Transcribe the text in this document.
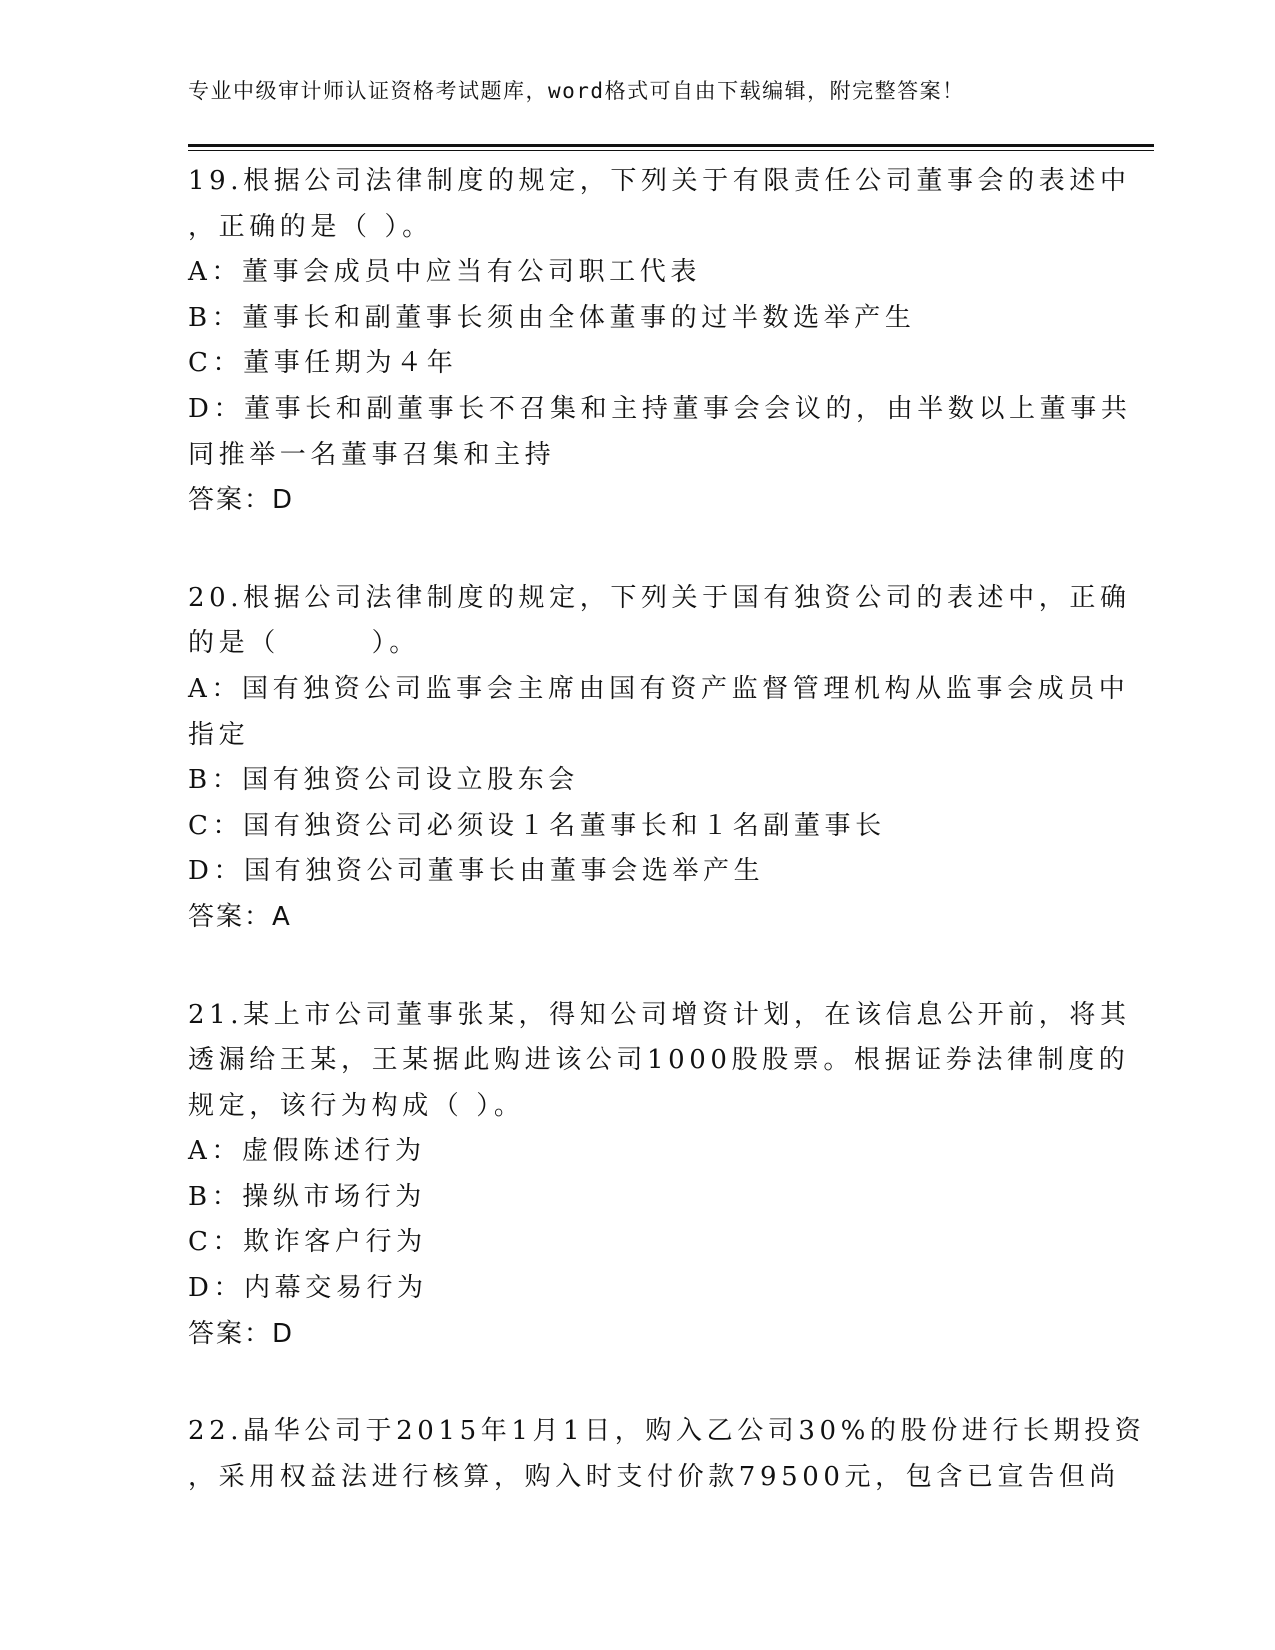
专业中级审计师认证资格考试题库，word格式可自由下载编辑，附完整答案！
19.根据公司法律制度的规定，下列关于有限责任公司董事会的表述中
，正确的是（ ）。
A：董事会成员中应当有公司职工代表
B：董事长和副董事长须由全体董事的过半数选举产生
C：董事任期为４年
D：董事长和副董事长不召集和主持董事会会议的，由半数以上董事共
同推举一名董事召集和主持
答案：D
20.根据公司法律制度的规定，下列关于国有独资公司的表述中，正确
的是（　　　）。
A：国有独资公司监事会主席由国有资产监督管理机构从监事会成员中
指定
B：国有独资公司设立股东会
C：国有独资公司必须设１名董事长和１名副董事长
D：国有独资公司董事长由董事会选举产生
答案：A
21.某上市公司董事张某，得知公司增资计划，在该信息公开前，将其
透漏给王某，王某据此购进该公司1000股股票。根据证券法律制度的
规定，该行为构成（ ）。
A：虚假陈述行为
B：操纵市场行为
C：欺诈客户行为
D：内幕交易行为
答案：D
22.晶华公司于2015年1月1日，购入乙公司30%的股份进行长期投资
，采用权益法进行核算，购入时支付价款79500元，包含已宣告但尚
